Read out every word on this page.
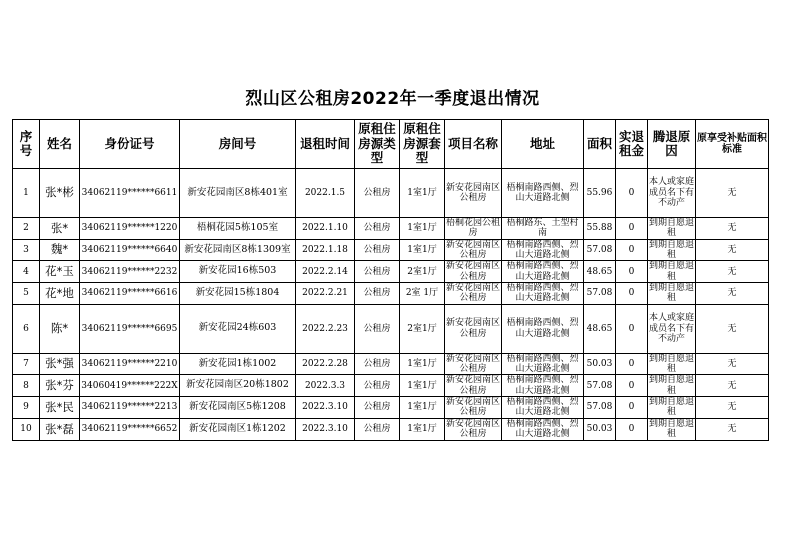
烈山区公租房2022年一季度退出情况
序号	姓名	身份证号	房间号	退租时间	原租住房源类型	原租住房源套型	项目名称	地址	面积	实退租金	腾退原因	原享受补贴面积标准
1	张*彬	34062119******6611	新安花园南区8栋401室	2022.1.5	公租房	1室1厅	新安花园南区公租房	梧桐南路西侧、烈山大道路北侧	55.96	0	本人或家庭成员名下有不动产	无
2	张*	34062119******1220	梧桐花园5栋105室	2022.1.10	公租房	1室1厅	梧桐花园公租房	梧桐路东、土型村南	55.88	0	到期自愿退租	无
3	魏*	34062119******6640	新安花园南区8栋1309室	2022.1.18	公租房	1室1厅	新安花园南区公租房	梧桐南路西侧、烈山大道路北侧	57.08	0	到期自愿退租	无
4	花*玉	34062119******2232	新安花园16栋503	2022.2.14	公租房	2室1厅	新安花园南区公租房	梧桐南路西侧、烈山大道路北侧	48.65	0	到期自愿退租	无
5	花*地	34062119******6616	新安花园15栋1804	2022.2.21	公租房	2室 1厅	新安花园南区公租房	梧桐南路西侧、烈山大道路北侧	57.08	0	到期自愿退租	无
6	陈*	34062119******6695	新安花园24栋603	2022.2.23	公租房	2室1厅	新安花园南区公租房	梧桐南路西侧、烈山大道路北侧	48.65	0	本人或家庭成员名下有不动产	无
7	张*强	34062119******2210	新安花园1栋1002	2022.2.28	公租房	1室1厅	新安花园南区公租房	梧桐南路西侧、烈山大道路北侧	50.03	0	到期自愿退租	无
8	张*芬	34060419******222X	新安花园南区20栋1802	2022.3.3	公租房	1室1厅	新安花园南区公租房	梧桐南路西侧、烈山大道路北侧	57.08	0	到期自愿退租	无
9	张*民	34062119******2213	新安花园南区5栋1208	2022.3.10	公租房	1室1厅	新安花园南区公租房	梧桐南路西侧、烈山大道路北侧	57.08	0	到期自愿退租	无
10	张*磊	34062119******6652	新安花园南区1栋1202	2022.3.10	公租房	1室1厅	新安花园南区公租房	梧桐南路西侧、烈山大道路北侧	50.03	0	到期自愿退租	无
